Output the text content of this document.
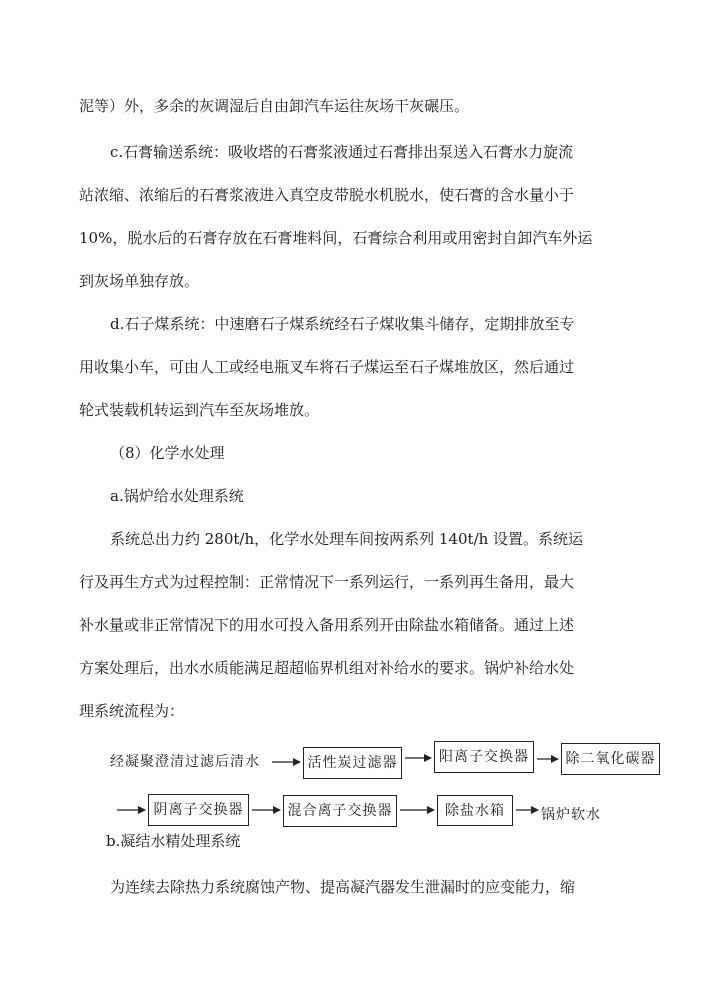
泥等）外，多余的灰调湿后自由卸汽车运往灰场干灰碾压。
c.石膏输送系统：吸收塔的石膏浆液通过石膏排出泵送入石膏水力旋流
站浓缩、浓缩后的石膏浆液进入真空皮带脱水机脱水，使石膏的含水量小于
10%，脱水后的石膏存放在石膏堆料间，石膏综合利用或用密封自卸汽车外运
到灰场单独存放。
d.石子煤系统：中速磨石子煤系统经石子煤收集斗储存，定期排放至专
用收集小车，可由人工或经电瓶叉车将石子煤运至石子煤堆放区，然后通过
轮式装载机转运到汽车至灰场堆放。
（8）化学水处理
a.锅炉给水处理系统
系统总出力约 280t/h，化学水处理车间按两系列 140t/h 设置。系统运
行及再生方式为过程控制：正常情况下一系列运行，一系列再生备用，最大
补水量或非正常情况下的用水可投入备用系列开由除盐水箱储备。通过上述
方案处理后，出水水质能满足超超临界机组对补给水的要求。锅炉补给水处
理系统流程为：
经凝聚澄清过滤后清水	活性炭过滤器	阳离子交换器	除二氧化碳器
阴离子交换器	混合离子交换器	除盐水箱	锅炉软水
b.凝结水精处理系统
为连续去除热力系统腐蚀产物、提高凝汽器发生泄漏时的应变能力，缩
